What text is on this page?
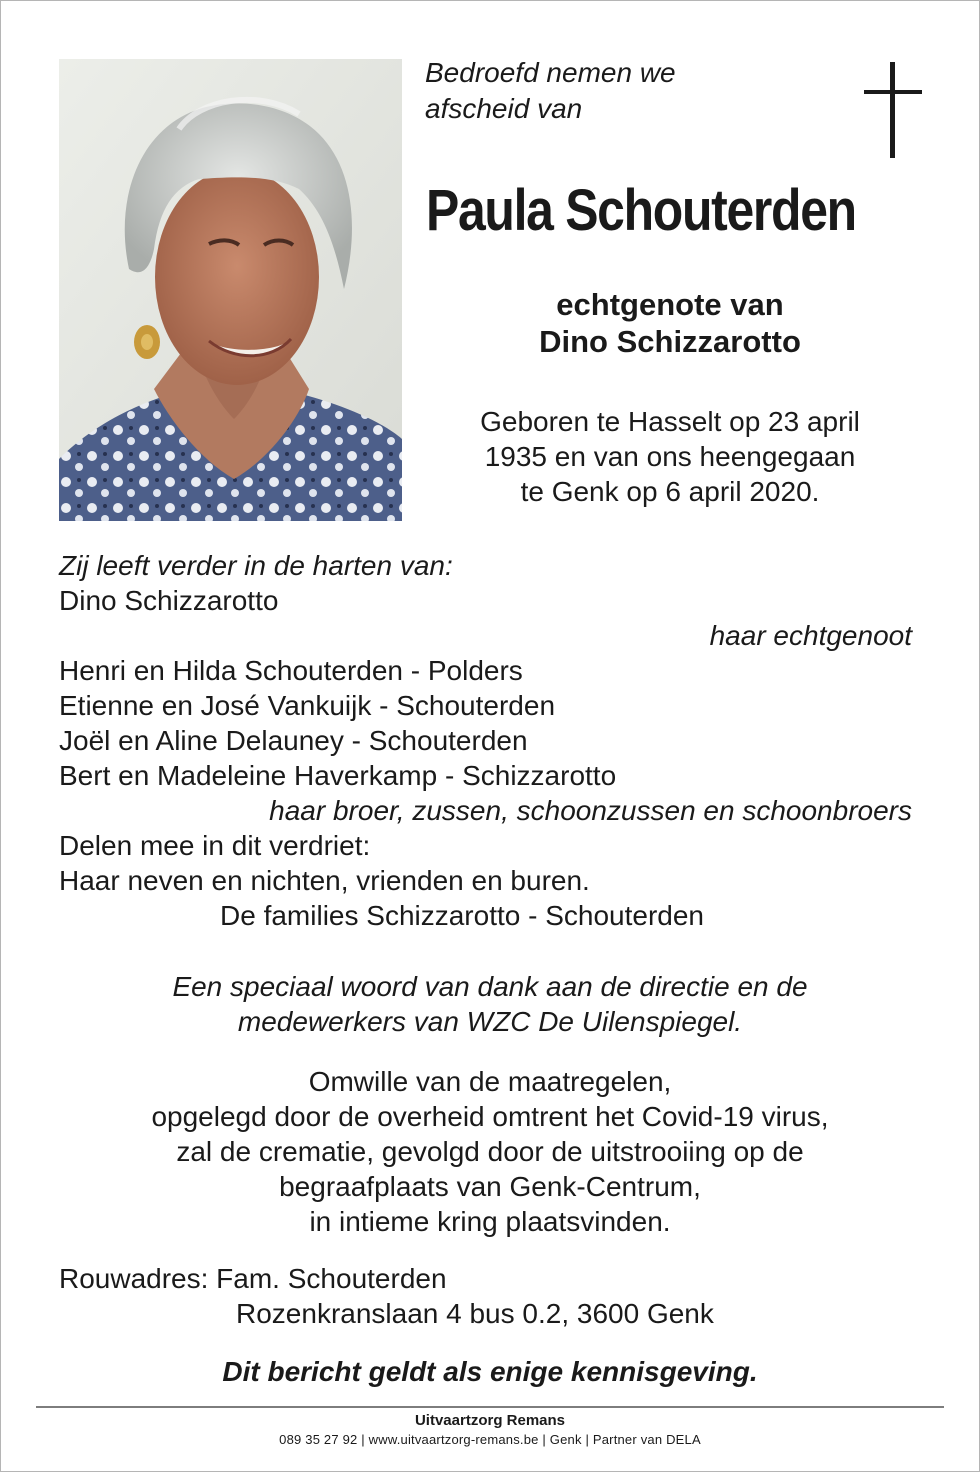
Bedroefd nemen we
afscheid van
Paula Schouterden
echtgenote van
Dino Schizzarotto
Geboren te Hasselt op 23 april
1935 en van ons heengegaan
te Genk op 6 april 2020.
Zij leeft verder in de harten van:
Dino Schizzarotto
haar echtgenoot
Henri en Hilda Schouterden - Polders
Etienne en José Vankuijk - Schouterden
Joël en Aline Delauney - Schouterden
Bert en Madeleine Haverkamp - Schizzarotto
haar broer, zussen, schoonzussen en schoonbroers
Delen mee in dit verdriet:
Haar neven en nichten, vrienden en buren.
De families Schizzarotto - Schouterden
Een speciaal woord van dank aan de directie en de
medewerkers van WZC De Uilenspiegel.
Omwille van de maatregelen,
opgelegd door de overheid omtrent het Covid-19 virus,
zal de crematie, gevolgd door de uitstrooiing op de
begraafplaats van Genk-Centrum,
in intieme kring plaatsvinden.
Rouwadres: Fam. Schouterden
Rozenkranslaan 4 bus 0.2, 3600 Genk
Dit bericht geldt als enige kennisgeving.
Uitvaartzorg Remans
089 35 27 92 | www.uitvaartzorg-remans.be | Genk | Partner van DELA
